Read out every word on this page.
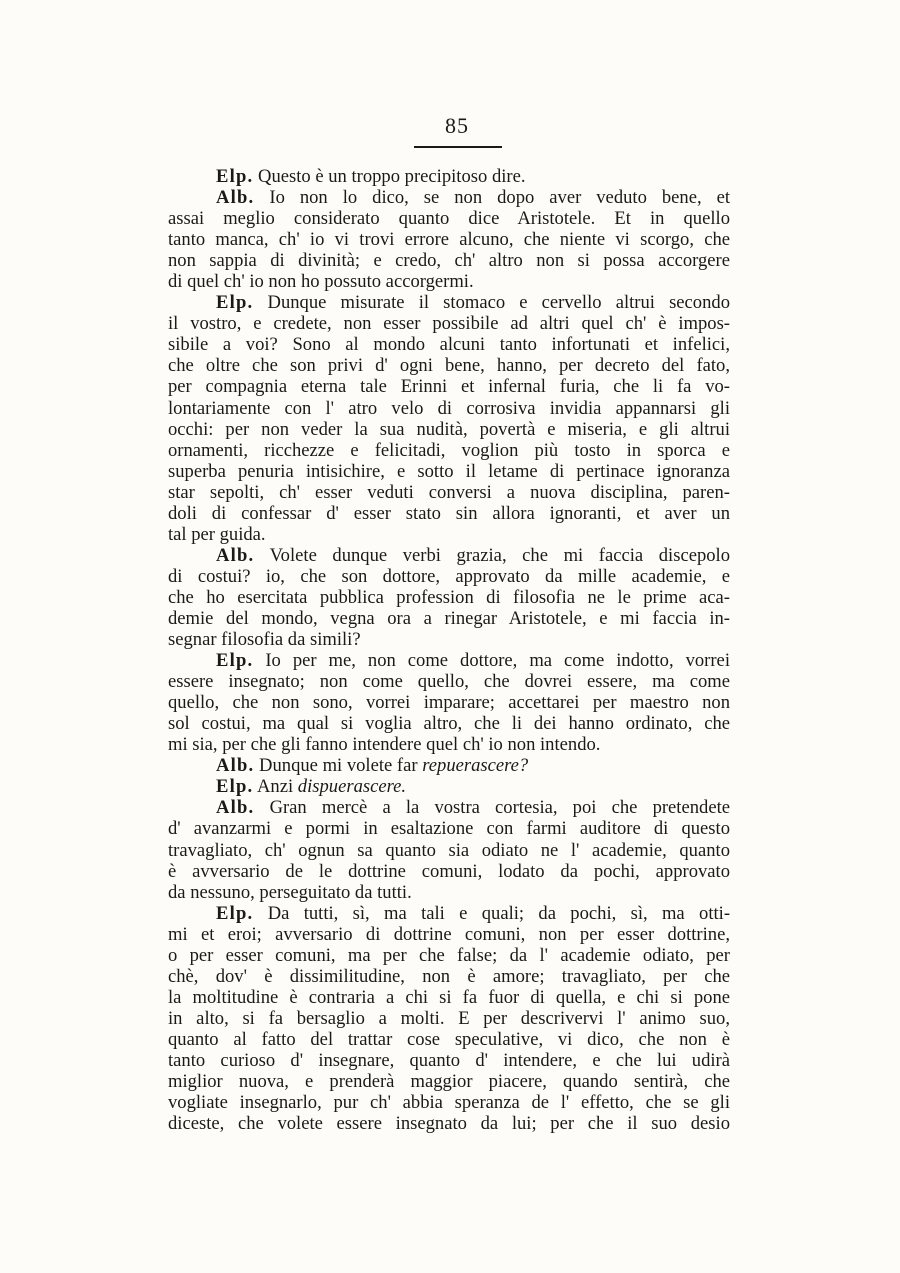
85
Elp. Questo è un troppo precipitoso dire.
Alb. Io non lo dico, se non dopo aver veduto bene, et
assai meglio considerato quanto dice Aristotele. Et in quello
tanto manca, ch' io vi trovi errore alcuno, che niente vi scorgo, che
non sappia di divinità; e credo, ch' altro non si possa accorgere
di quel ch' io non ho possuto accorgermi.
Elp. Dunque misurate il stomaco e cervello altrui secondo
il vostro, e credete, non esser possibile ad altri quel ch' è impos-
sibile a voi? Sono al mondo alcuni tanto infortunati et infelici,
che oltre che son privi d' ogni bene, hanno, per decreto del fato,
per compagnia eterna tale Erinni et infernal furia, che li fa vo-
lontariamente con l' atro velo di corrosiva invidia appannarsi gli
occhi: per non veder la sua nudità, povertà e miseria, e gli altrui
ornamenti, ricchezze e felicitadi, voglion più tosto in sporca e
superba penuria intisichire, e sotto il letame di pertinace ignoranza
star sepolti, ch' esser veduti conversi a nuova disciplina, paren-
doli di confessar d' esser stato sin allora ignoranti, et aver un
tal per guida.
Alb. Volete dunque verbi grazia, che mi faccia discepolo
di costui? io, che son dottore, approvato da mille academie, e
che ho esercitata pubblica profession di filosofia ne le prime aca-
demie del mondo, vegna ora a rinegar Aristotele, e mi faccia in-
segnar filosofia da simili?
Elp. Io per me, non come dottore, ma come indotto, vorrei
essere insegnato; non come quello, che dovrei essere, ma come
quello, che non sono, vorrei imparare; accettarei per maestro non
sol costui, ma qual si voglia altro, che li dei hanno ordinato, che
mi sia, per che gli fanno intendere quel ch' io non intendo.
Alb. Dunque mi volete far repuerascere?
Elp. Anzi dispuerascere.
Alb. Gran mercè a la vostra cortesia, poi che pretendete
d' avanzarmi e pormi in esaltazione con farmi auditore di questo
travagliato, ch' ognun sa quanto sia odiato ne l' academie, quanto
è avversario de le dottrine comuni, lodato da pochi, approvato
da nessuno, perseguitato da tutti.
Elp. Da tutti, sì, ma tali e quali; da pochi, sì, ma otti-
mi et eroi; avversario di dottrine comuni, non per esser dottrine,
o per esser comuni, ma per che false; da l' academie odiato, per
chè, dov' è dissimilitudine, non è amore; travagliato, per che
la moltitudine è contraria a chi si fa fuor di quella, e chi si pone
in alto, si fa bersaglio a molti. E per descrivervi l' animo suo,
quanto al fatto del trattar cose speculative, vi dico, che non è
tanto curioso d' insegnare, quanto d' intendere, e che lui udirà
miglior nuova, e prenderà maggior piacere, quando sentirà, che
vogliate insegnarlo, pur ch' abbia speranza de l' effetto, che se gli
diceste, che volete essere insegnato da lui; per che il suo desio
